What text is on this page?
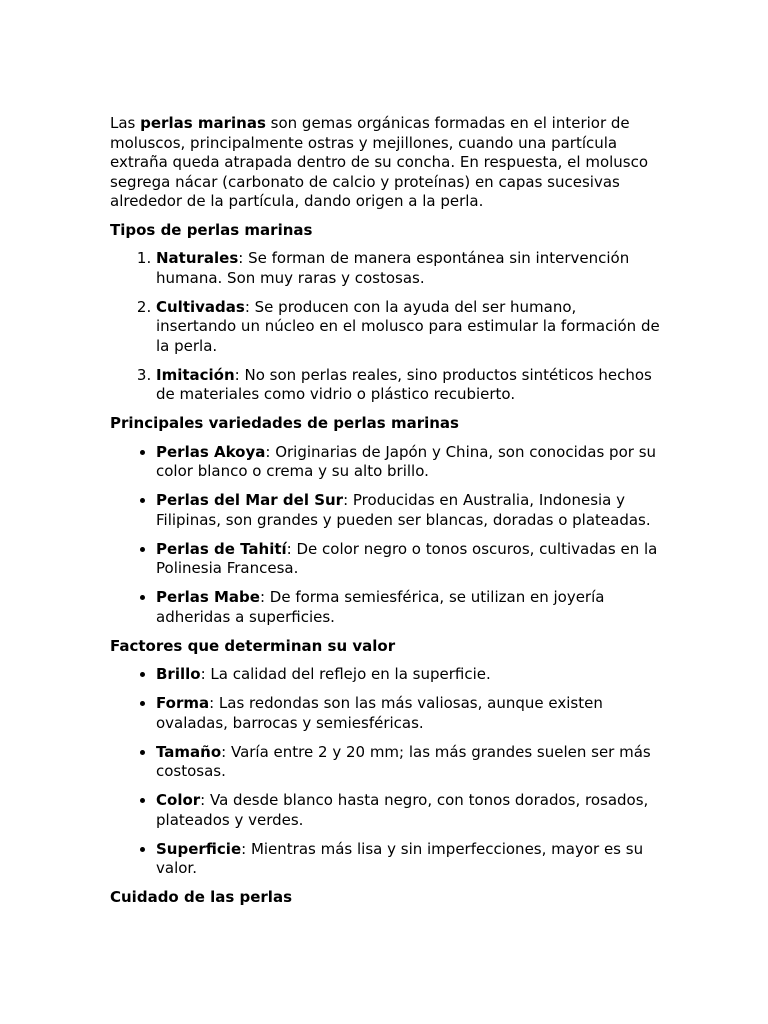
Las perlas marinas son gemas orgánicas formadas en el interior de moluscos, principalmente ostras y mejillones, cuando una partícula extraña queda atrapada dentro de su concha. En respuesta, el molusco segrega nácar (carbonato de calcio y proteínas) en capas sucesivas alrededor de la partícula, dando origen a la perla.

Tipos de perlas marinas
1. Naturales: Se forman de manera espontánea sin intervención humana. Son muy raras y costosas.
2. Cultivadas: Se producen con la ayuda del ser humano, insertando un núcleo en el molusco para estimular la formación de la perla.
3. Imitación: No son perlas reales, sino productos sintéticos hechos de materiales como vidrio o plástico recubierto.
Principales variedades de perlas marinas
• Perlas Akoya: Originarias de Japón y China, son conocidas por su color blanco o crema y su alto brillo.
• Perlas del Mar del Sur: Producidas en Australia, Indonesia y Filipinas, son grandes y pueden ser blancas, doradas o plateadas.
• Perlas de Tahití: De color negro o tonos oscuros, cultivadas en la Polinesia Francesa.
• Perlas Mabe: De forma semiesférica, se utilizan en joyería adheridas a superficies.
Factores que determinan su valor
• Brillo: La calidad del reflejo en la superficie.
• Forma: Las redondas son las más valiosas, aunque existen ovaladas, barrocas y semiesféricas.
• Tamaño: Varía entre 2 y 20 mm; las más grandes suelen ser más costosas.
• Color: Va desde blanco hasta negro, con tonos dorados, rosados, plateados y verdes.
• Superficie: Mientras más lisa y sin imperfecciones, mayor es su valor.
Cuidado de las perlas
